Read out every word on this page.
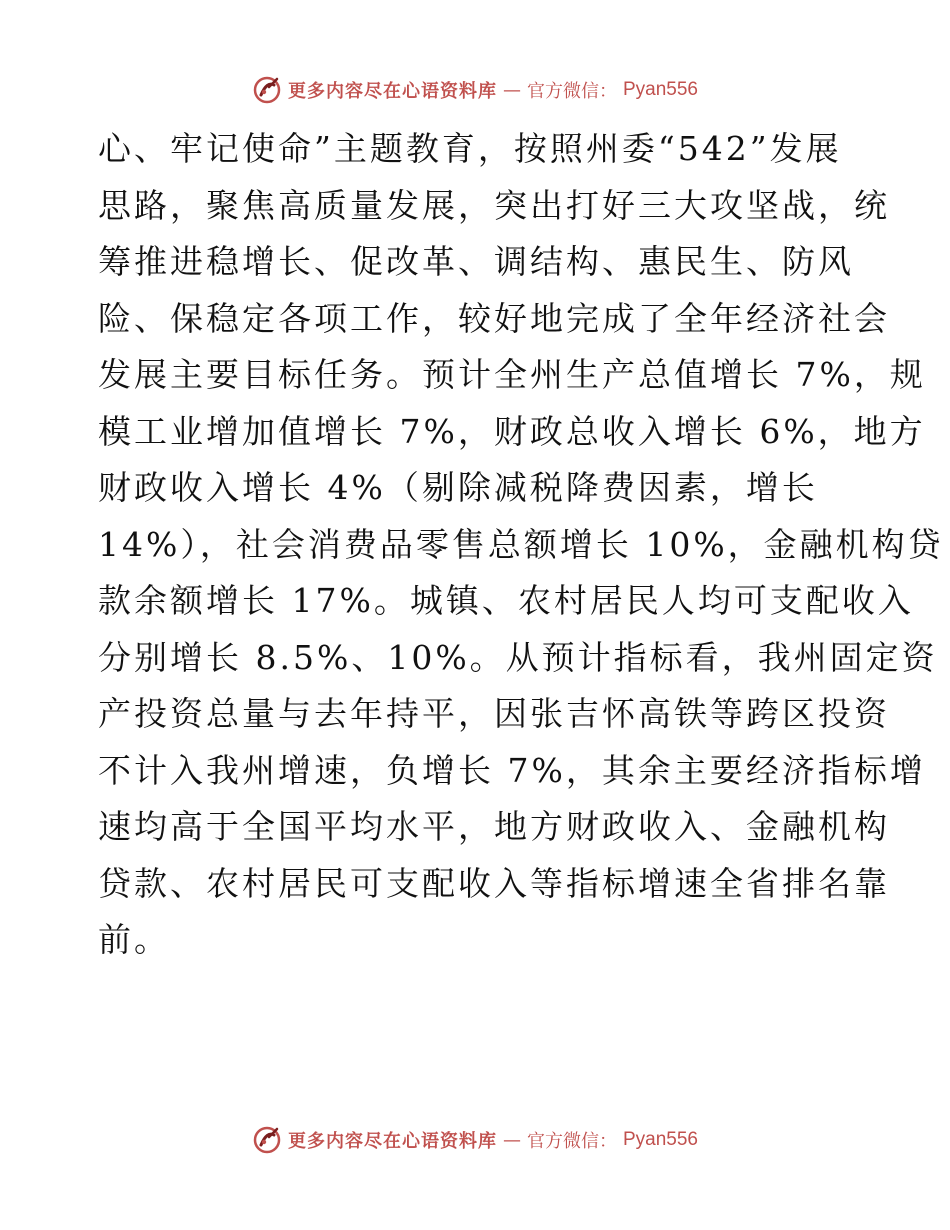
更多内容尽在心语资料库 — 官方微信： Pyan556
心、牢记使命”主题教育，按照州委“542”发展
思路，聚焦高质量发展，突出打好三大攻坚战，统
筹推进稳增长、促改革、调结构、惠民生、防风
险、保稳定各项工作，较好地完成了全年经济社会
发展主要目标任务。预计全州生产总值增长 7%，规
模工业增加值增长 7%，财政总收入增长 6%，地方
财政收入增长 4%（剔除减税降费因素，增长
14%），社会消费品零售总额增长 10%，金融机构贷
款余额增长 17%。城镇、农村居民人均可支配收入
分别增长 8.5%、10%。从预计指标看，我州固定资
产投资总量与去年持平，因张吉怀高铁等跨区投资
不计入我州增速，负增长 7%，其余主要经济指标增
速均高于全国平均水平，地方财政收入、金融机构
贷款、农村居民可支配收入等指标增速全省排名靠
前。
更多内容尽在心语资料库 — 官方微信： Pyan556
